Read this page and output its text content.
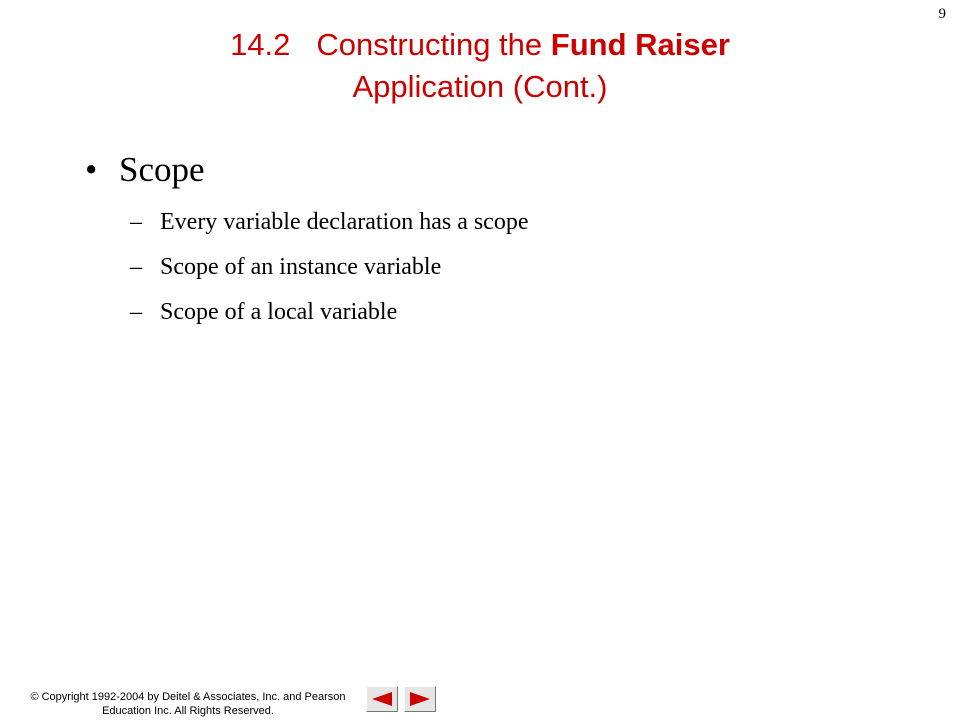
9
14.2 Constructing the Fund Raiser
Application (Cont.)
• Scope
– Every variable declaration has a scope
– Scope of an instance variable
– Scope of a local variable
© Copyright 1992-2004 by Deitel & Associates, Inc. and Pearson
Education Inc. All Rights Reserved.
